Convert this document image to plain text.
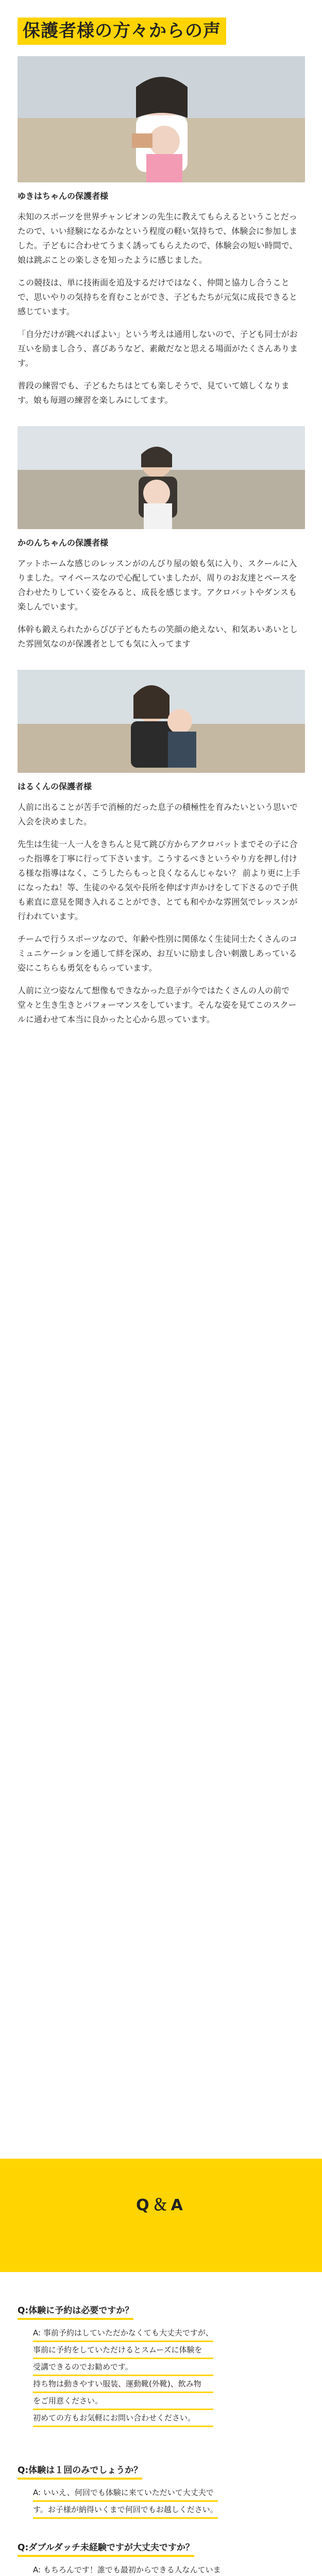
保護者様の方々からの声
ゆきはちゃんの保護者様
未知のスポーツを世界チャンピオンの先生に教えてもらえるということだったので、いい経験になるかなという程度の軽い気持ちで、体験会に参加しました。子どもに合わせてうまく誘ってもらえたので、体験会の短い時間で、娘は跳ぶことの楽しさを知ったように感じました。
この競技は、単に技術面を追及するだけではなく、仲間と協力し合うことで、思いやりの気持ちを育むことができ、子どもたちが元気に成長できると感じています。
「自分だけが跳べればよい」という考えは通用しないので、子ども同士がお互いを励まし合う、喜びあうなど、素敵だなと思える場面がたくさんあります。
普段の練習でも、子どもたちはとても楽しそうで、見ていて嬉しくなります。娘も毎週の練習を楽しみにしてます。
かのんちゃんの保護者様
アットホームな感じのレッスンがのんびり屋の娘も気に入り、スクールに入りました。マイペースなので心配していましたが、周りのお友達とペースを合わせたりしていく姿をみると、成長を感じます。アクロバットやダンスも楽しんでいます。
体幹も鍛えられたからびび子どもたちの笑顔の絶えない、和気あいあいとした雰囲気なのが保護者としても気に入ってます
はるくんの保護者様
人前に出ることが苦手で消極的だった息子の積極性を育みたいという思いで入会を決めました。
先生は生徒一人一人をきちんと見て跳び方からアクロバットまでその子に合った指導を丁寧に行って下さいます。こうするべきというやり方を押し付ける様な指導はなく、こうしたらもっと良くなるんじゃない？ 前より更に上手になったね！等、生徒のやる気や長所を伸ばす声かけをして下さるので子供も素直に意見を聞き入れることができ、とても和やかな雰囲気でレッスンが行われています。
チームで行うスポーツなので、年齢や性別に関係なく生徒同士たくさんのコミュニケーションを通して絆を深め、お互いに励まし合い刺激しあっている姿にこちらも勇気をもらっています。
人前に立つ姿なんて想像もできなかった息子が今ではたくさんの人の前で堂々と生き生きとパフォーマンスをしています。そんな姿を見てこのスクールに通わせて本当に良かったと心から思っています。
Q＆A
Q:体験に予約は必要ですか？
A: 事前予約はしていただかなくても大丈夫ですが、
事前に予約をしていただけるとスムーズに体験を
受講できるのでお勧めです。
持ち物は動きやすい服装、運動靴(外靴)、飲み物
をご用意ください。
初めての方もお気軽にお問い合わせください。
Q:体験は１回のみでしょうか？
A: いいえ、何回でも体験に来ていただいて大丈夫で
す。お子様が納得いくまで何回でもお越しください。
Q:ダブルダッチ未経験ですが大丈夫ですか？
A: もちろんです！誰でも最初からできる人なんていま
